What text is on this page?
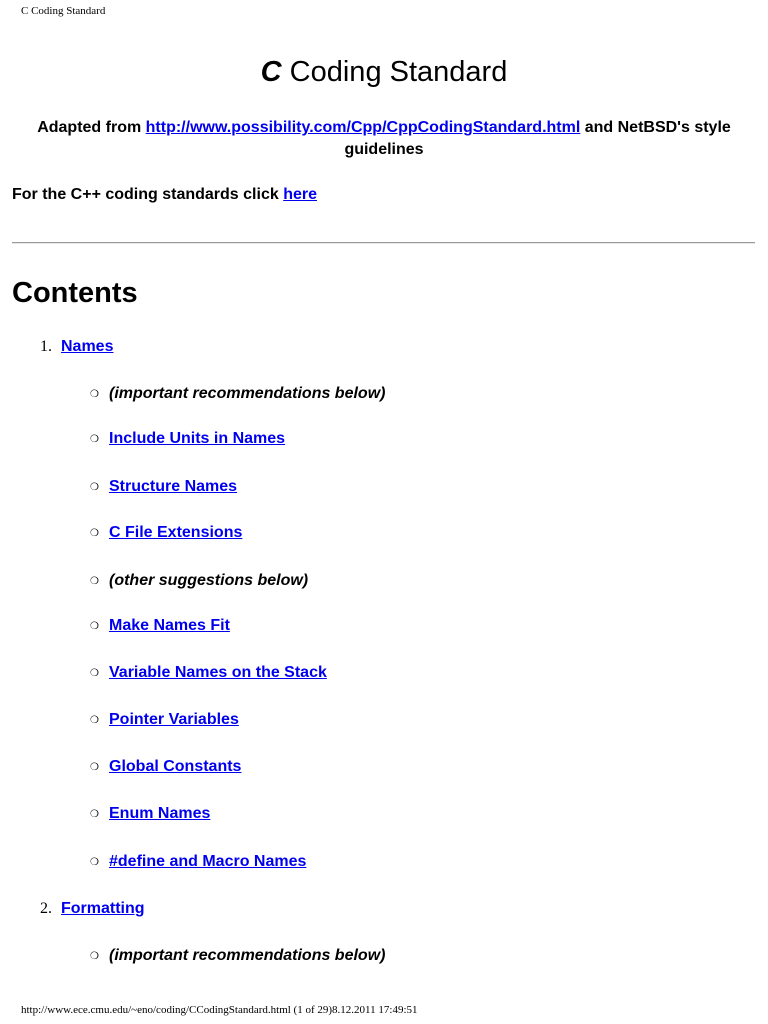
C Coding Standard
C Coding Standard

Adapted from http://www.possibility.com/Cpp/CppCodingStandard.html and NetBSD's style guidelines

For the C++ coding standards click here

Contents
1. Names
❍ (important recommendations below)
❍ Include Units in Names
❍ Structure Names
❍ C File Extensions
❍ (other suggestions below)
❍ Make Names Fit
❍ Variable Names on the Stack
❍ Pointer Variables
❍ Global Constants
❍ Enum Names
❍ #define and Macro Names
2. Formatting
❍ (important recommendations below)
http://www.ece.cmu.edu/~eno/coding/CCodingStandard.html (1 of 29)8.12.2011 17:49:51
